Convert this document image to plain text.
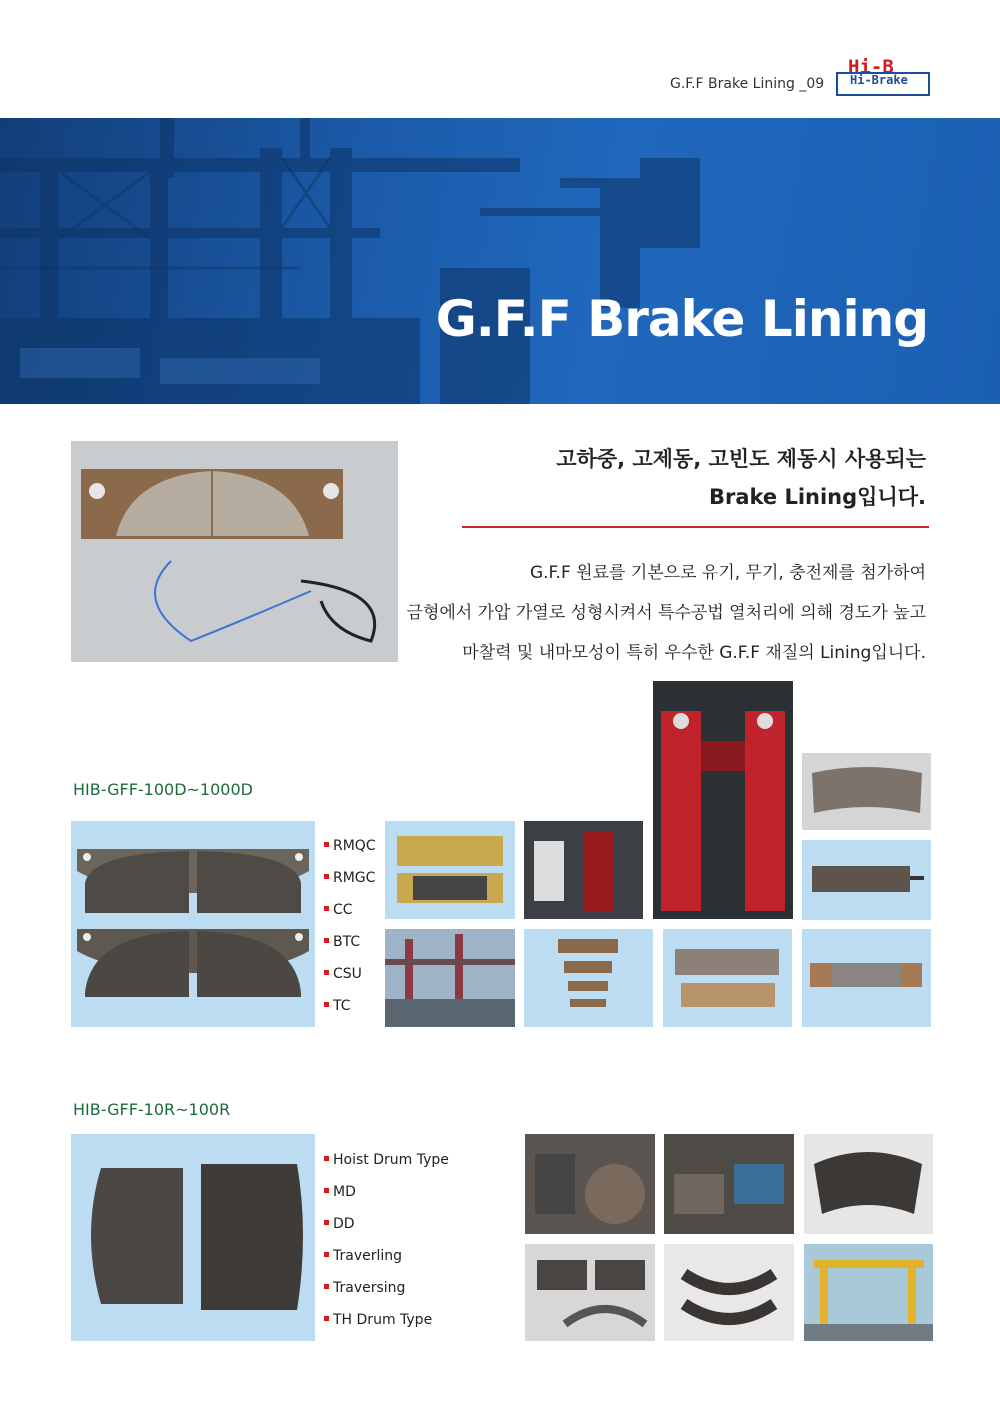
G.F.F Brake Lining _09
Hi-B
Hi-Brake
G.F.F Brake Lining
고하중, 고제동, 고빈도 제동시 사용되는
Brake Lining입니다.
G.F.F 원료를 기본으로 유기, 무기, 충전제를 첨가하여
금형에서 가압 가열로 성형시켜서 특수공법 열처리에 의해 경도가 높고
마찰력 및 내마모성이 특히 우수한 G.F.F 재질의 Lining입니다.
HIB-GFF-100D~1000D
RMQC
RMGC
CC
BTC
CSU
TC
HIB-GFF-10R~100R
Hoist Drum Type
MD
DD
Traverling
Traversing
TH Drum Type
